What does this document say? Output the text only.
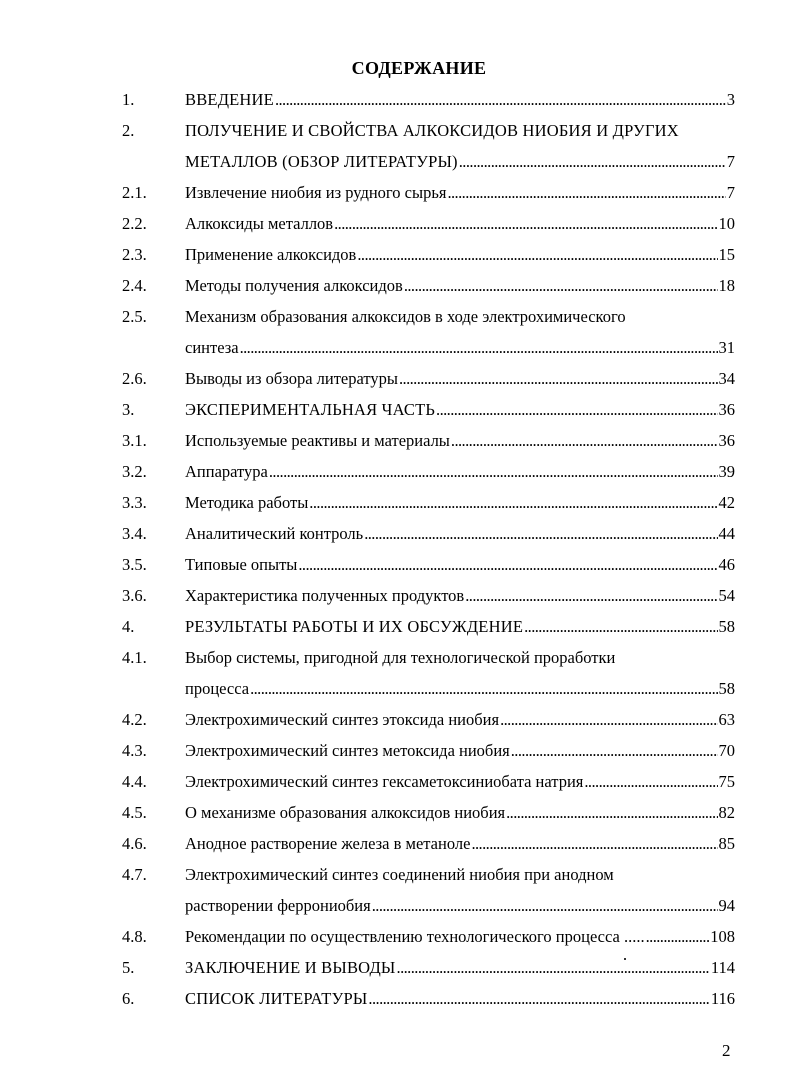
СОДЕРЖАНИЕ
1.	ВВЕДЕНИЕ . . .	3
2.	ПОЛУЧЕНИЕ И СВОЙСТВА АЛКОКСИДОВ НИОБИЯ И ДРУГИХ
МЕТАЛЛОВ (ОБЗОР ЛИТЕРАТУРЫ) . . .	7
2.1. Извлечение ниобия из рудного сырья . . .	7
2.2. Алкоксиды металлов . . .	10
2.3. Применение алкоксидов . . .	15
2.4. Методы получения алкоксидов . . .	18
2.5. Механизм образования алкоксидов в ходе электрохимического
синтеза . . .	31
2.6. Выводы из обзора литературы . . .	34
3.	ЭКСПЕРИМЕНТАЛЬНАЯ ЧАСТЬ . . .	36
3.1. Используемые реактивы и материалы . . .	36
3.2. Аппаратура . . .	39
3.3. Методика работы . . .	42
3.4. Аналитический контроль . . .	44
3.5. Типовые опыты . . .	46
3.6. Характеристика полученных продуктов . . .	54
4.	РЕЗУЛЬТАТЫ РАБОТЫ И ИХ ОБСУЖДЕНИЕ . . .	58
4.1. Выбор системы, пригодной для технологической проработки
процесса . . .	58
4.2. Электрохимический синтез этоксида ниобия . . .	63
4.3. Электрохимический синтез метоксида ниобия . . .	70
4.4. Электрохимический синтез гексаметоксиниобата натрия . . .	75
4.5. О механизме образования алкоксидов ниобия . . .	82
4.6. Анодное растворение железа в метаноле . . .	85
4.7. Электрохимический синтез соединений ниобия при анодном
растворении феррониобия . . .	94
4.8. Рекомендации по осуществлению технологического процесса ..... . . .	108
5.	ЗАКЛЮЧЕНИЕ И ВЫВОДЫ . . .	114
6.	СПИСОК ЛИТЕРАТУРЫ . . .	116
2
